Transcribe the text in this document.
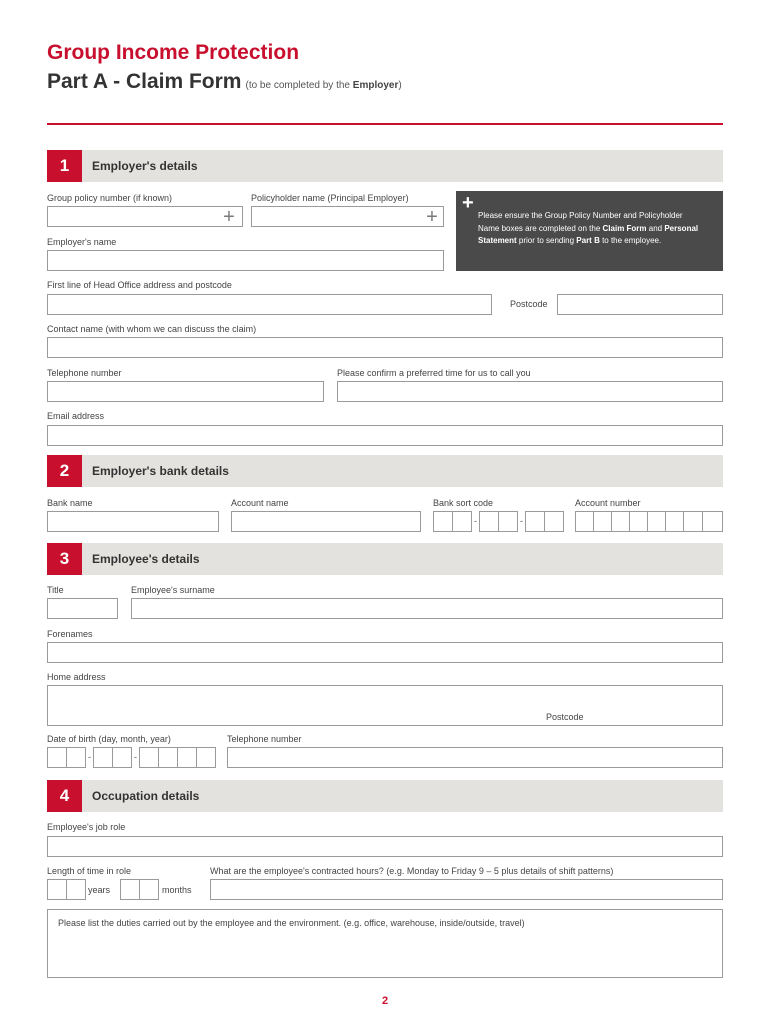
Group Income Protection
Part A - Claim Form (to be completed by the Employer)
1	Employer's details
Group policy number (if known)
+
Policyholder name (Principal Employer)
+
+
Please ensure the Group Policy Number and Policyholder
Name boxes are completed on the Claim Form and Personal
Statement prior to sending Part B to the employee.
Employer's name
First line of Head Office address and postcode
Postcode
Contact name (with whom we can discuss the claim)
Telephone number	Please confirm a preferred time for us to call you
Email address
2	Employer's bank details
Bank name	Account name	Bank sort code
-	-
Account number
3	Employee's details
Title	Employee's surname
Forenames
Home address
Postcode
Date of birth (day, month, year)
-	-
Telephone number
4	Occupation details
Employee's job role
Length of time in role
years	months
What are the employee's contracted hours? (e.g. Monday to Friday 9 – 5 plus details of shift patterns)
Please list the duties carried out by the employee and the environment. (e.g. office, warehouse, inside/outside, travel)
2
